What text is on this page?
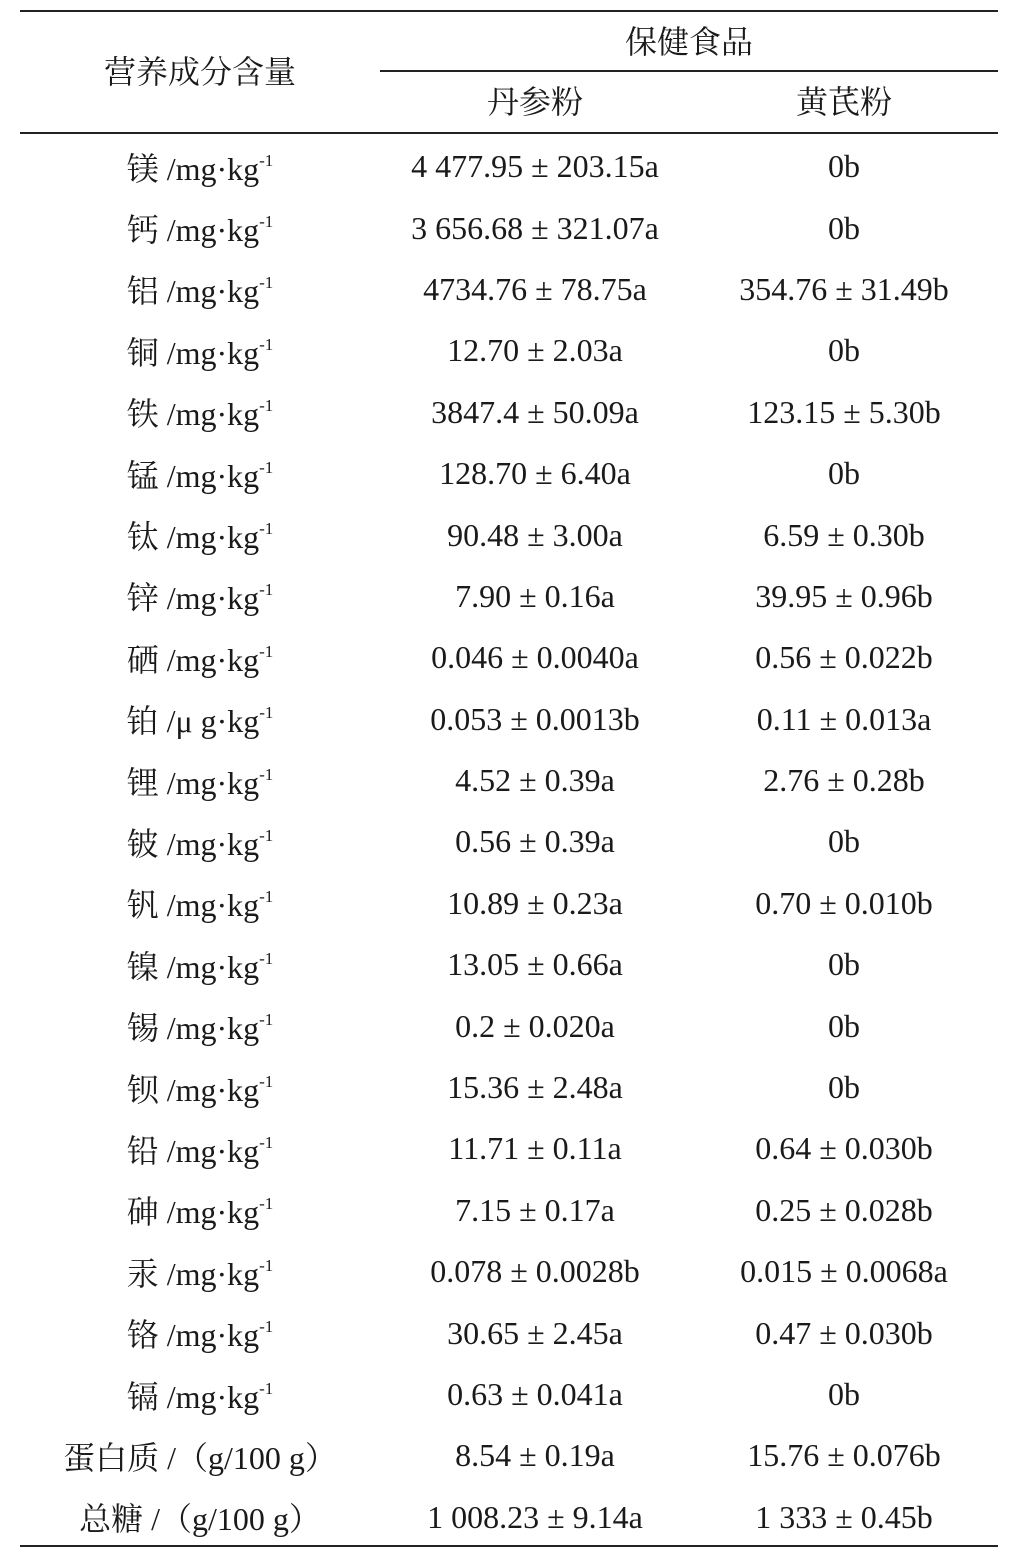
营养成分含量
保健食品
丹参粉	黄芪粉
镁 $/mg\cdot kg^{-1}$	4 477.95 ± 203.15a	0b
钙 $/mg\cdot kg^{-1}$	3 656.68 ± 321.07a	0b
铝 $/mg\cdot kg^{-1}$	4734.76 ± 78.75a	354.76 ± 31.49b
铜 $/mg\cdot kg^{-1}$	12.70 ± 2.03a	0b
铁 $/mg\cdot kg^{-1}$	3847.4 ± 50.09a	123.15 ± 5.30b
锰 $/mg\cdot kg^{-1}$	128.70 ± 6.40a	0b
钛 $/mg\cdot kg^{-1}$	90.48 ± 3.00a	6.59 ± 0.30b
锌 $/mg\cdot kg^{-1}$	7.90 ± 0.16a	39.95 ± 0.96b
硒 $/mg\cdot kg^{-1}$	0.046 ± 0.0040a	0.56 ± 0.022b
铂 /μ $g\cdot kg^{-1}$	0.053 ± 0.0013b	0.11 ± 0.013a
锂 $/mg\cdot kg^{-1}$	4.52 ± 0.39a	2.76 ± 0.28b
铍 $/mg\cdot kg^{-1}$	0.56 ± 0.39a	0b
钒 $/mg\cdot kg^{-1}$	10.89 ± 0.23a	0.70 ± 0.010b
镍 $/mg\cdot kg^{-1}$	13.05 ± 0.66a	0b
锡 $/mg\cdot kg^{-1}$	0.2 ± 0.020a	0b
钡 $/mg\cdot kg^{-1}$	15.36 ± 2.48a	0b
铅 $/mg\cdot kg^{-1}$	11.71 ± 0.11a	0.64 ± 0.030b
砷 $/mg\cdot kg^{-1}$	7.15 ± 0.17a	0.25 ± 0.028b
汞 $/mg\cdot kg^{-1}$	0.078 ± 0.0028b	0.015 ± 0.0068a
铬 $/mg\cdot kg^{-1}$	30.65 ± 2.45a	0.47 ± 0.030b
镉 $/mg\cdot kg^{-1}$	0.63 ± 0.041a	0b
蛋白质 /（g/100 g）	8.54 ± 0.19a	15.76 ± 0.076b
总糖 /（g/100 g）	1 008.23 ± 9.14a	1 333 ± 0.45b
